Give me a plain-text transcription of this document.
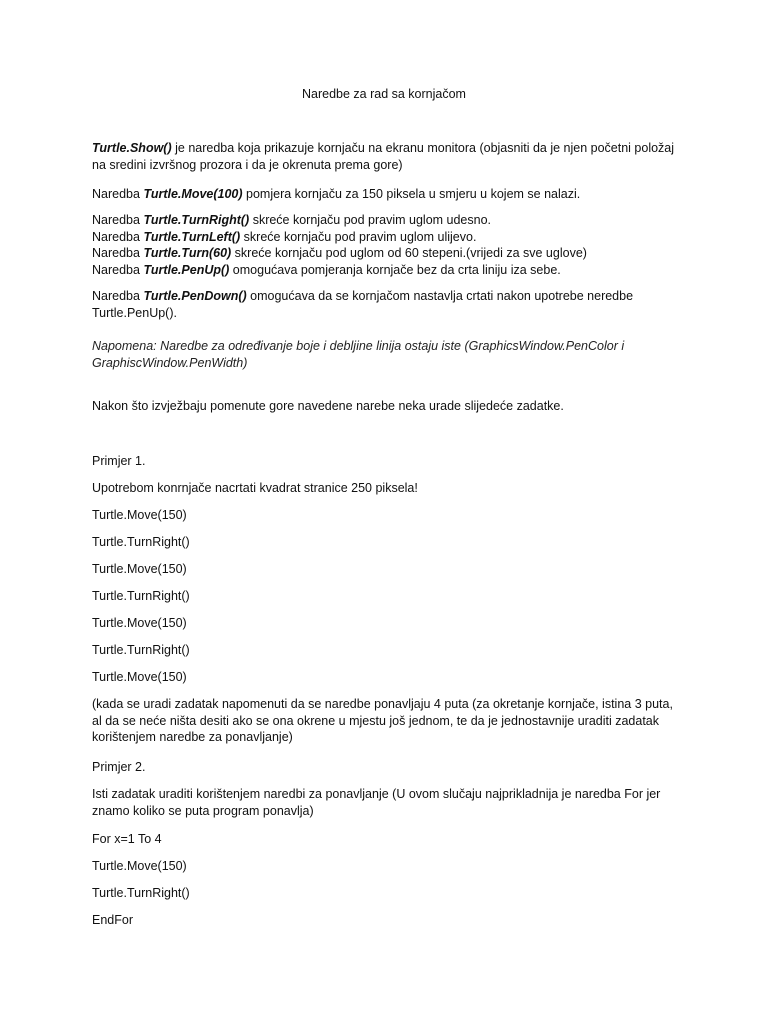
Naredbe za rad sa kornjačom

Turtle.Show() je naredba koja prikazuje kornjaču na ekranu monitora (objasniti da je njen početni položaj na sredini izvršnog prozora i da je okrenuta prema gore)

Naredba Turtle.Move(100) pomjera kornjaču za 150 piksela u smjeru u kojem se nalazi.

Naredba Turtle.TurnRight() skreće kornjaču pod pravim uglom udesno.
Naredba Turtle.TurnLeft() skreće kornjaču pod pravim uglom ulijevo.
Naredba Turtle.Turn(60) skreće kornjaču pod uglom od 60 stepeni.(vrijedi za sve uglove)
Naredba Turtle.PenUp() omogućava pomjeranja kornjače bez da crta liniju iza sebe.

Naredba Turtle.PenDown() omogućava da se kornjačom nastavlja crtati nakon upotrebe neredbe Turtle.PenUp().

Napomena: Naredbe za određivanje boje i debljine linija ostaju iste (GraphicsWindow.PenColor i GraphiscWindow.PenWidth)

Nakon što izvježbaju pomenute gore navedene narebe neka urade slijedeće zadatke.

Primjer 1.

Upotrebom konrnjače nacrtati kvadrat stranice 250 piksela!

Turtle.Move(150)

Turtle.TurnRight()

Turtle.Move(150)

Turtle.TurnRight()

Turtle.Move(150)

Turtle.TurnRight()

Turtle.Move(150)

(kada se uradi zadatak napomenuti da se naredbe ponavljaju 4 puta (za okretanje kornjače, istina 3 puta, al da se neće ništa desiti ako se ona okrene u mjestu još jednom, te da je jednostavnije uraditi zadatak korištenjem naredbe za ponavljanje)

Primjer 2.

Isti zadatak uraditi korištenjem naredbi za ponavljanje (U ovom slučaju najprikladnija je naredba For jer znamo koliko se puta program ponavlja)

For x=1 To 4

Turtle.Move(150)

Turtle.TurnRight()

EndFor
